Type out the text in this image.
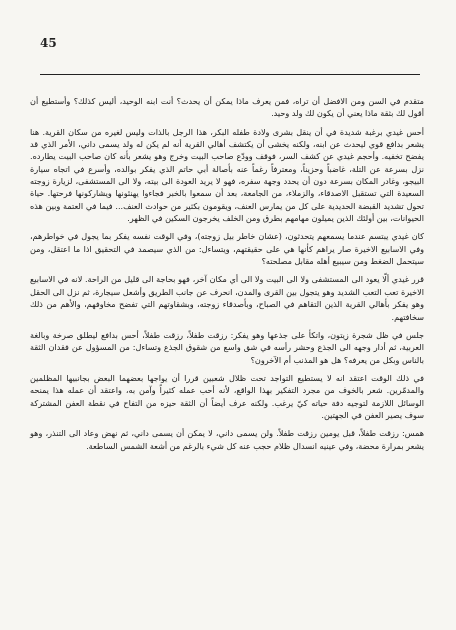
45

متقدم في السن ومن الافضل أن تراه، فمن يعرف ماذا يمكن أن يحدث؟ أنت ابنه الوحيد، أليس كذلك؟ وأستطيع أن أقول لك بثقة ماذا يعني أن يكون لك ولد وحيد.

أحس غيدي برغبة شديدة في أن ينقل بشرى ولادة طفله البكر، هذا الرجل بالذات وليس لغيره من سكان القرية. هنا يشعر بدافع قوي ليحدث عن ابنه، ولكنه يخشى أن يكتشف أهالي القرية أنه لم يكن له ولد يسمى داني، الأمر الذي قد يفضح تخفيه. وأحجم غيدي عن كشف السر، فوقف وودّع صاحب البيت وخرج وهو يشعر بأنه كان صاحب البيت يطارده. نزل بسرعة عن التلة، غاضباً وحزيناً، ومعترفاً رغماً عنه بأصالة أبي حاتم الذي يفكر بوالده، وأسرع في اتجاه سيارة البيجو، وغادر المكان بسرعة دون أن يحدد وجهة سفره، فهو لا يريد العودة الى بيته، ولا الى المستشفى، لزيارة زوجته السعيدة التي تستقبل الاصدقاء، والزملاء، من الجامعة، بعد أن سمعوا بالخبر فجاءوا يهنئونها ويشاركونها فرحتها. حياة تحول تشديد القبضة الحديدية على كل من يمارس العنف، ويقومون بكثير من حوادث العنف... فيما في العتمة وبين هذه الحيوانات، بين أولئك الذين يميلون مهامهم بطرق ومن الخلف يخرجون السكين في الظهر.

كان غيدي يبتسم عندما يسمعهم يتحدثون، (عشان خاطر بيل زوجته)، وفي الوقت نفسه يفكر بما يجول في خواطرهم، وفي الاسابيع الاخيرة صار يراهم كأنها هي على حقيقتهم، ويتساءل: من الذي سيصمد في التحقيق اذا ما اعتقل، ومن سيتحمل الضغط ومن سيبيع أهله مقابل مصلحته؟

قرر غيدي ألّا يعود الى المستشفى ولا الى البيت ولا الى أي مكان آخر، فهو بحاجة الى قليل من الراحة. لانه في الاسابيع الاخيرة تعب التعب الشديد وهو يتجول بين القرى والمدن، انحرف عن جانب الطريق وأشعل سيجارة، ثم نزل الى الحقل وهو يفكر بأهالي القرية الذين التقاهم في الصباح، وبأصدقاء زوجته، وبشقاوتهم التي تفضح مخاوفهم، والأهم من ذلك سخافتهم.

جلس في ظل شجرة زيتون، واتكأ على جذعها وهو يفكر: رزقت طفلاً، رزقت طفلاً، أحس بدافع ليطلق صرخة وبالغة العربية، ثم أدار وجهه الى الجذع وحشر رأسه في شق واسع من شقوق الجذع وتساءل: من المسؤول عن فقدان الثقة بالناس وبكل من يعرفه؟ هل هو المذنب أم الآخرون؟

في ذلك الوقت اعتقد انه لا يستطيع التواجد تحت ظلال شعبين قررا أن يواجها بعضهما البعض بجانبيها المظلمين والمدمّرين. شعر بالخوف من مجرد التفكير بهذا الواقع، لأنه أحب عمله كثيراً وآمن به، واعتقد أن عمله هذا يمنحه الوسائل اللازمة لتوجيه دفة حياته كيّ يرغب. ولكنه عرف أيضاً أن الثقة حيزه من التفاح في نقطة العفن المشتركة سوف يصير العفن في الجهتين.

همس: رزقت طفلاً، قبل يومين رزقت طفلاً. ولن يسمى داني، لا يمكن أن يسمى داني، ثم نهض وعاد الى التنذر، وهو يشعر بمرارة محضة، وفي عينيه انسدال ظلام حجب عنه كل شيء بالرغم من أشعة الشمس الساطعة.
